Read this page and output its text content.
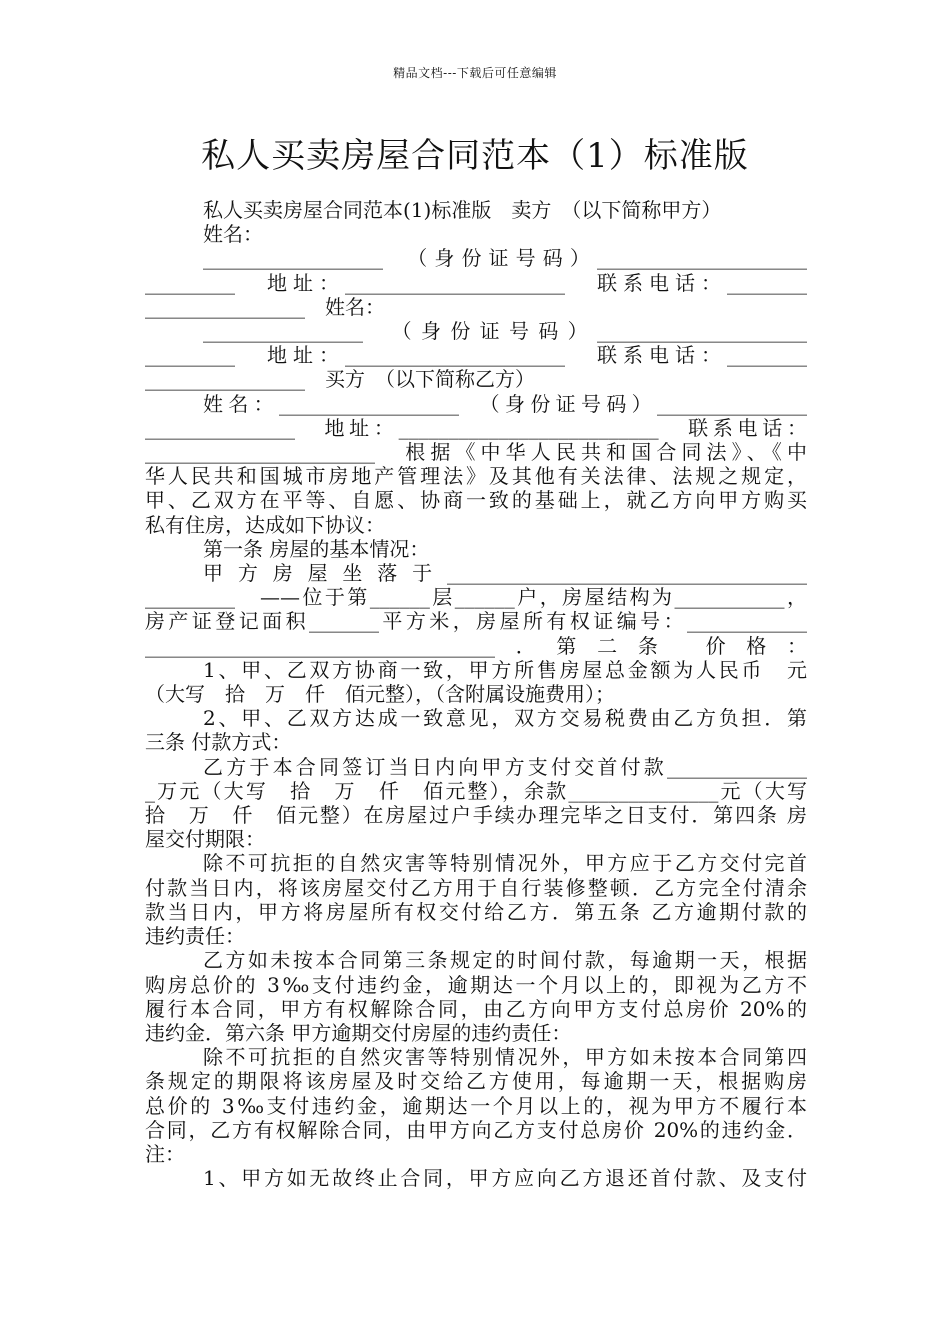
精品文档---下载后可任意编辑
私人买卖房屋合同范本（1）标准版
私人买卖房屋合同范本(1)标准版　卖方　（以下简称甲方）
姓名：
__________________　（身份证号码）_____________________
_________　地址：______________________　联系电话：________
________________　姓名：
________________　（身份证号码）_____________________
_________　地址：______________________　联系电话：________
________________　买方　（以下简称乙方）
姓名：__________________　（身份证号码）_______________
_______________　地址：__________________________　联系电话：
_______________________　根据《中华人民共和国合同法》、《中
华人民共和国城市房地产管理法》及其他有关法律、法规之规定，
甲、乙双方在平等、自愿、协商一致的基础上，就乙方向甲方购买
私有住房，达成如下协议：
第一条 房屋的基本情况：
甲方房屋坐落于____________________________________
_________　——位于第______层______户，房屋结构为___________，
房产证登记面积_______平方米，房屋所有权证编号：____________
___________________________________．第二条 价格：
1、甲、乙双方协商一致，甲方所售房屋总金额为人民币　元
（大写　拾　万　仟　佰元整），（含附属设施费用）；
2、甲、乙双方达成一致意见，双方交易税费由乙方负担．第
三条 付款方式：
乙方于本合同签订当日内向甲方支付交首付款______________
_万元（大写　拾　万　仟　佰元整），余款_______________元（大写
拾　万　仟　佰元整）在房屋过户手续办理完毕之日支付．第四条 房
屋交付期限：
除不可抗拒的自然灾害等特别情况外，甲方应于乙方交付完首
付款当日内，将该房屋交付乙方用于自行装修整顿．乙方完全付清余
款当日内，甲方将房屋所有权交付给乙方．第五条 乙方逾期付款的
违约责任：
乙方如未按本合同第三条规定的时间付款，每逾期一天，根据
购房总价的 3‰支付违约金，逾期达一个月以上的，即视为乙方不
履行本合同，甲方有权解除合同，由乙方向甲方支付总房价 20%的
违约金．第六条 甲方逾期交付房屋的违约责任：
除不可抗拒的自然灾害等特别情况外，甲方如未按本合同第四
条规定的期限将该房屋及时交给乙方使用，每逾期一天，根据购房
总价的 3‰支付违约金，逾期达一个月以上的，视为甲方不履行本
合同，乙方有权解除合同，由甲方向乙方支付总房价 20%的违约金．
注：
1、甲方如无故终止合同，甲方应向乙方退还首付款、及支付
